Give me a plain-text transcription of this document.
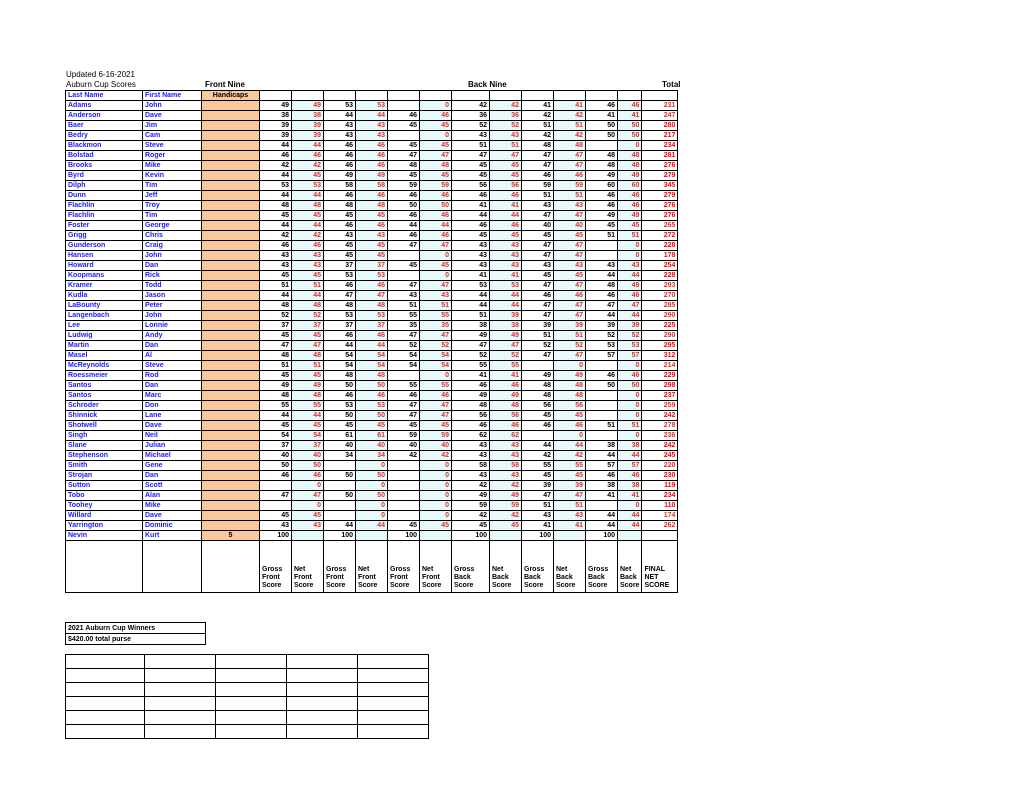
Updated 6-16-2021
Auburn Cup Scores	Front Nine	Back Nine	Total
Last Name	First Name	Handicaps													
Adams	John		49	49	53	53		0	42	42	41	41	46	46	231
Anderson	Dave		38	38	44	44	46	46	36	36	42	42	41	41	247
Baer	Jim		39	39	43	43	45	45	52	52	51	51	50	50	280
Bedry	Cam		39	39	43	43		0	43	43	42	42	50	50	217
Blackmon	Steve		44	44	46	46	45	45	51	51	48	48		0	234
Bolstad	Roger		46	46	46	46	47	47	47	47	47	47	48	48	281
Brooks	Mike		42	42	46	46	48	48	45	45	47	47	48	48	276
Byrd	Kevin		44	45	49	49	45	45	45	45	46	46	49	49	279
Dilph	Tim		53	53	58	58	59	59	56	56	59	59	60	60	345
Dunn	Jeff		44	44	46	46	46	46	46	46	51	51	46	46	279
Flachlin	Troy		48	48	48	48	50	50	41	41	43	43	46	46	276
Flachlin	Tim		45	45	45	45	46	46	44	44	47	47	49	49	276
Foster	George		44	44	46	46	44	44	46	46	40	40	45	45	265
Grigg	Chris		42	42	43	43	46	46	45	45	45	45	51	51	272
Gunderson	Craig		46	46	45	45	47	47	43	43	47	47		0	228
Hansen	John		43	43	45	45		0	43	43	47	47		0	178
Howard	Dan		43	43	37	37	45	45	43	43	43	43	43	43	254
Koopmans	Rick		45	45	53	53		0	41	41	45	45	44	44	228
Kramer	Todd		51	51	46	46	47	47	53	53	47	47	48	49	293
Kudla	Jason		44	44	47	47	43	43	44	44	46	46	46	46	270
LaBounty	Peter		48	48	48	48	51	51	44	44	47	47	47	47	285
Langenbach	John		52	52	53	53	55	55	51	39	47	47	44	44	290
Lee	Lonnie		37	37	37	37	35	35	38	38	39	39	39	39	225
Ludwig	Andy		45	45	46	46	47	47	49	49	51	51	52	52	290
Martin	Dan		47	47	44	44	52	52	47	47	52	52	53	53	295
Masel	Al		48	48	54	54	54	54	52	52	47	47	57	57	312
McReynolds	Steve		51	51	54	54	54	54	55	55		0		0	214
Roessmeier	Rod		45	45	48	48		0	41	41	49	49	46	46	229
Santos	Dan		49	49	50	50	55	55	46	46	48	48	50	50	298
Santos	Marc		48	48	46	46	46	46	49	49	48	48		0	237
Schroder	Don		55	55	53	53	47	47	48	48	56	56		0	259
Shinnick	Lane		44	44	50	50	47	47	56	56	45	45		0	242
Shotwell	Dave		45	45	45	45	45	45	46	46	46	46	51	51	278
Singh	Neil		54	54	61	61	59	59	62	62		0		0	236
Slane	Julian		37	37	40	40	40	40	43	43	44	44	38	38	242
Stephenson	Michael		40	40	34	34	42	42	43	43	42	42	44	44	245
Smith	Gene		50	50		0		0	58	58	55	55	57	57	220
Strojan	Dan		46	46	50	50		0	43	43	45	45	46	46	230
Sutton	Scott			0		0		0	42	42	39	39	38	38	119
Tobo	Alan		47	47	50	50		0	49	49	47	47	41	41	234
Toohey	Mike			0		0		0	59	59	51	51		0	110
Willard	Dave		45	45		0		0	42	42	43	43	44	44	174
Yarrington	Dominic		43	43	44	44	45	45	45	45	41	41	44	44	262
Nevin	Kurt	5	100		100		100		100		100		100		
			Gross Front Score	Net Front Score	Gross Front Score	Net Front Score	Gross Front Score	Net Front Score	Gross Back Score	Net Back Score	Gross Back Score	Net Back Score	Gross Back Score	Net Back Score	FINAL NET SCORE
2021 Auburn Cup Winners
$420.00 total purse
